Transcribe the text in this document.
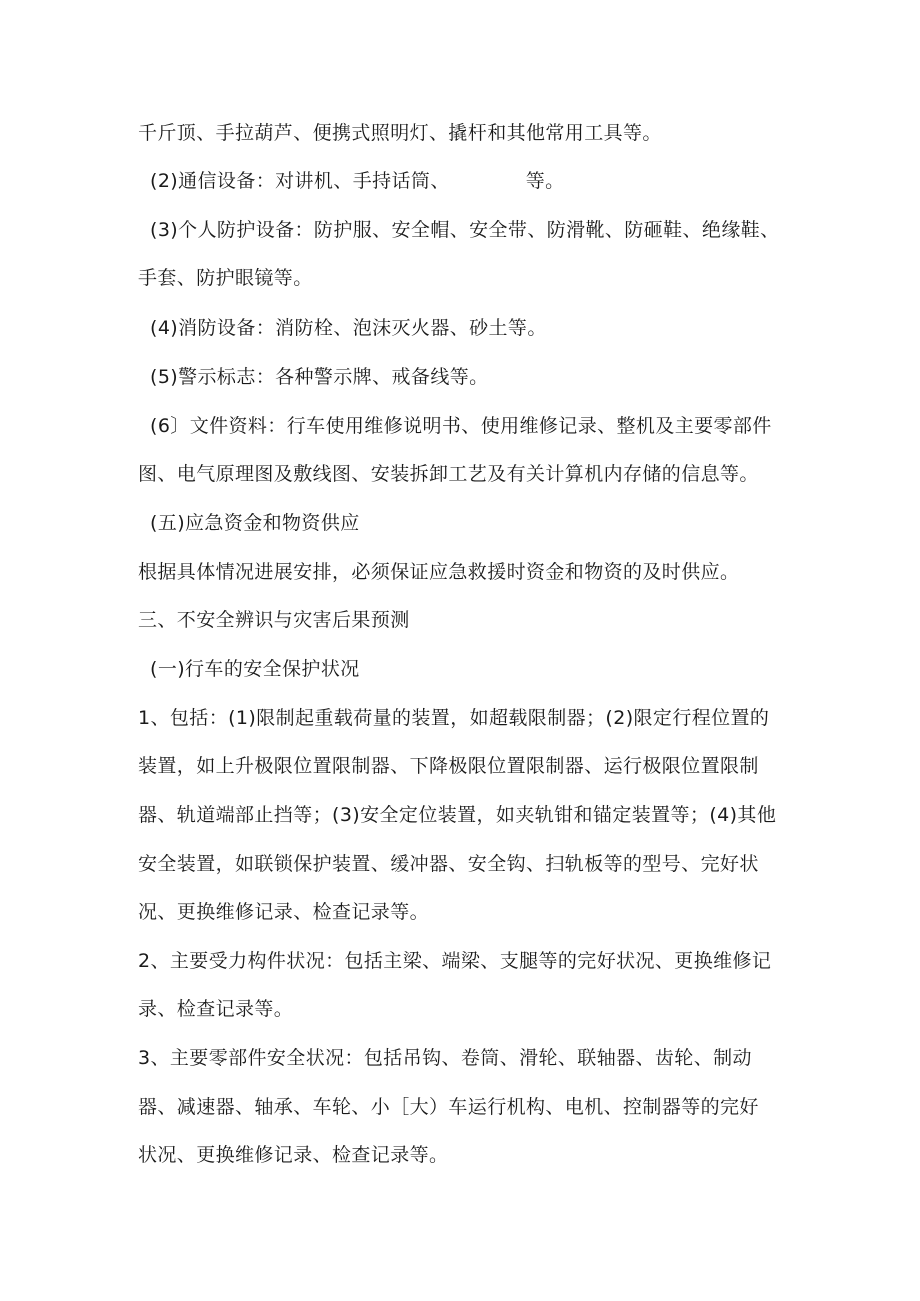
千斤顶、手拉葫芦、便携式照明灯、撬杆和其他常用工具等。
(2)通信设备：对讲机、手持话筒、	等。
(3)个人防护设备：防护服、安全帽、安全带、防滑靴、防砸鞋、绝缘鞋、
手套、防护眼镜等。
(4)消防设备：消防栓、泡沫灭火器、砂土等。
(5)警示标志：各种警示牌、戒备线等。
(6〕文件资料：行车使用维修说明书、使用维修记录、整机及主要零部件
图、电气原理图及敷线图、安装拆卸工艺及有关计算机内存储的信息等。
(五)应急资金和物资供应
根据具体情况进展安排，必须保证应急救援时资金和物资的及时供应。
三、不安全辨识与灾害后果预测
(一)行车的安全保护状况
1、包括：(1)限制起重载荷量的装置，如超载限制器；(2)限定行程位置的
装置，如上升极限位置限制器、下降极限位置限制器、运行极限位置限制
器、轨道端部止挡等；(3)安全定位装置，如夹轨钳和锚定装置等；(4)其他
安全装置，如联锁保护装置、缓冲器、安全钩、扫轨板等的型号、完好状
况、更换维修记录、检查记录等。
2、主要受力构件状况：包括主梁、端梁、支腿等的完好状况、更换维修记
录、检查记录等。
3、主要零部件安全状况：包括吊钩、卷筒、滑轮、联轴器、齿轮、制动
器、减速器、轴承、车轮、小［大）车运行机构、电机、控制器等的完好
状况、更换维修记录、检查记录等。
